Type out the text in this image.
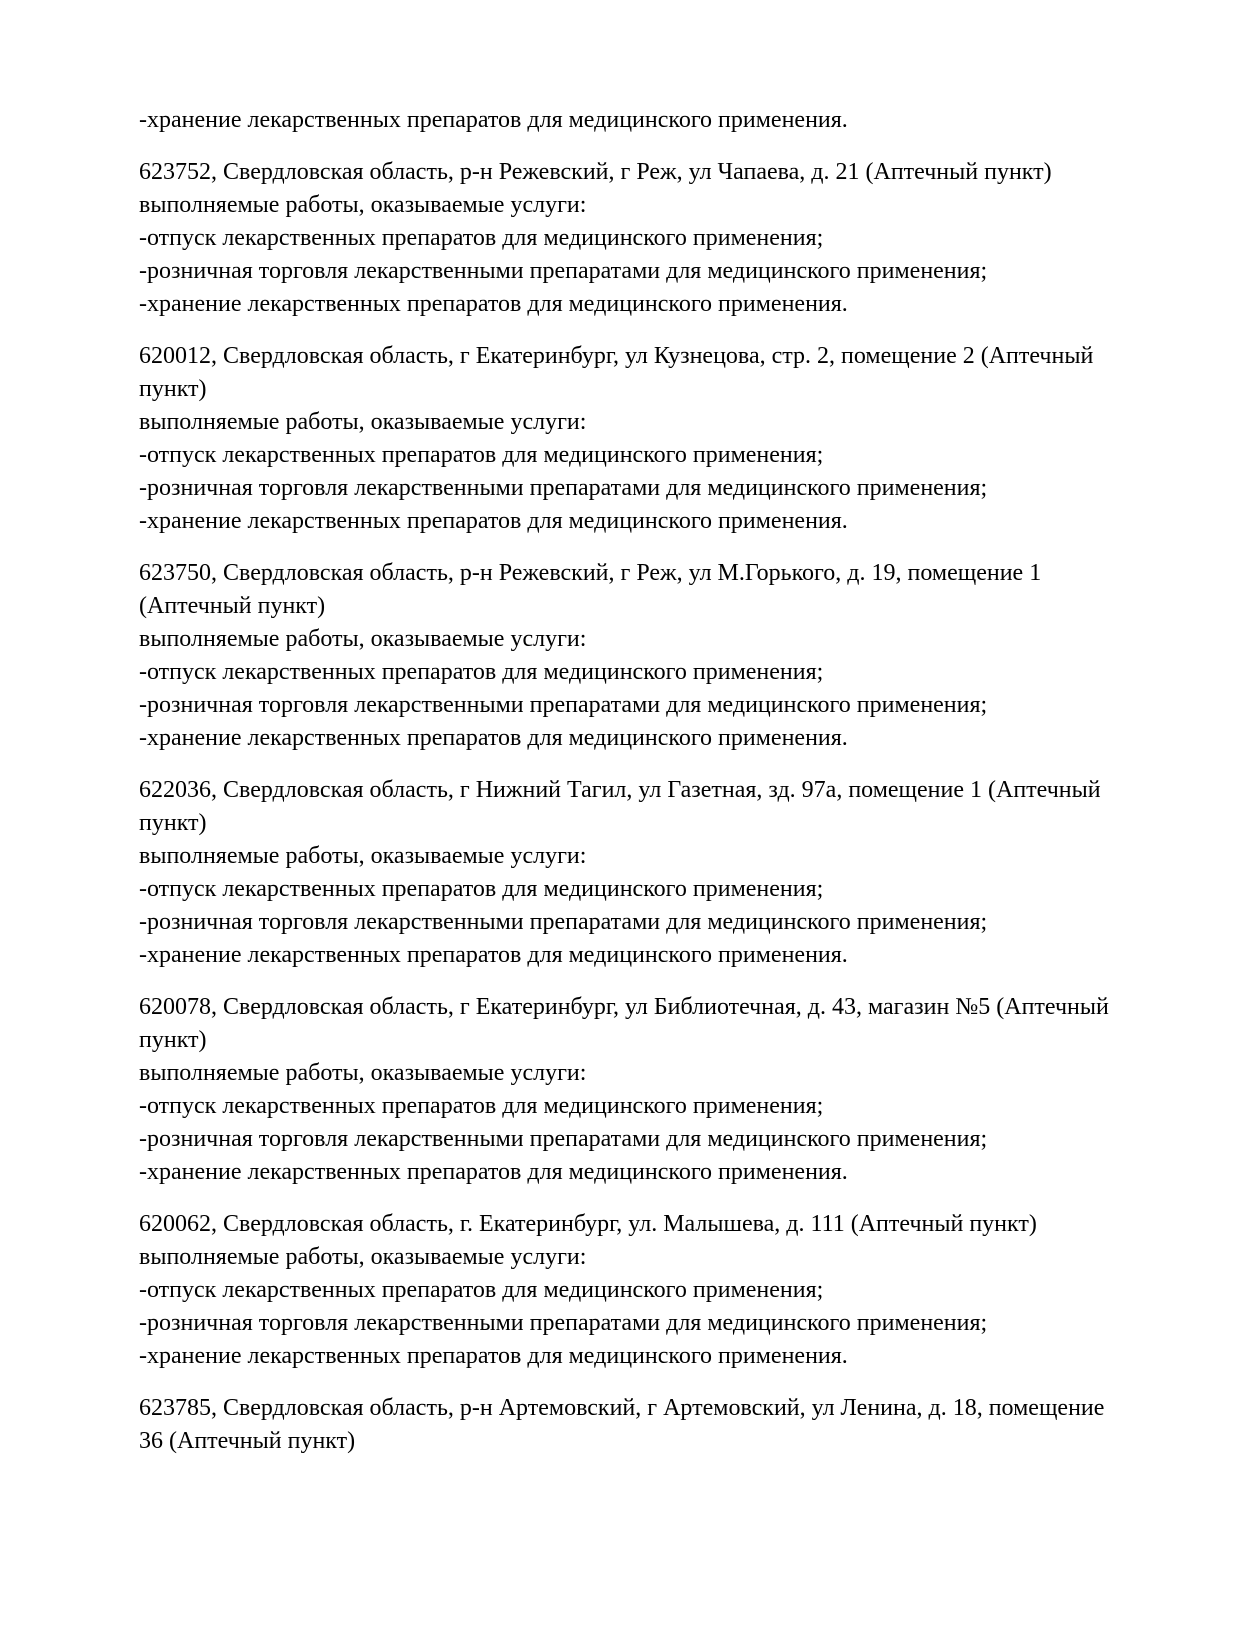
-хранение лекарственных препаратов для медицинского применения.
623752, Свердловская область, р-н Режевский, г Реж, ул Чапаева, д. 21 (Аптечный пункт)
выполняемые работы, оказываемые услуги:
-отпуск лекарственных препаратов для медицинского применения;
-розничная торговля лекарственными препаратами для медицинского применения;
-хранение лекарственных препаратов для медицинского применения.
620012, Свердловская область, г Екатеринбург, ул Кузнецова, стр. 2, помещение 2 (Аптечный
пункт)
выполняемые работы, оказываемые услуги:
-отпуск лекарственных препаратов для медицинского применения;
-розничная торговля лекарственными препаратами для медицинского применения;
-хранение лекарственных препаратов для медицинского применения.
623750, Свердловская область, р-н Режевский, г Реж, ул М.Горького, д. 19, помещение 1
(Аптечный пункт)
выполняемые работы, оказываемые услуги:
-отпуск лекарственных препаратов для медицинского применения;
-розничная торговля лекарственными препаратами для медицинского применения;
-хранение лекарственных препаратов для медицинского применения.
622036, Свердловская область, г Нижний Тагил, ул Газетная, зд. 97а, помещение 1 (Аптечный
пункт)
выполняемые работы, оказываемые услуги:
-отпуск лекарственных препаратов для медицинского применения;
-розничная торговля лекарственными препаратами для медицинского применения;
-хранение лекарственных препаратов для медицинского применения.
620078, Свердловская область, г Екатеринбург, ул Библиотечная, д. 43, магазин №5 (Аптечный
пункт)
выполняемые работы, оказываемые услуги:
-отпуск лекарственных препаратов для медицинского применения;
-розничная торговля лекарственными препаратами для медицинского применения;
-хранение лекарственных препаратов для медицинского применения.
620062, Свердловская область, г. Екатеринбург, ул. Малышева, д. 111 (Аптечный пункт)
выполняемые работы, оказываемые услуги:
-отпуск лекарственных препаратов для медицинского применения;
-розничная торговля лекарственными препаратами для медицинского применения;
-хранение лекарственных препаратов для медицинского применения.
623785, Свердловская область, р-н Артемовский, г Артемовский, ул Ленина, д. 18, помещение
36 (Аптечный пункт)
